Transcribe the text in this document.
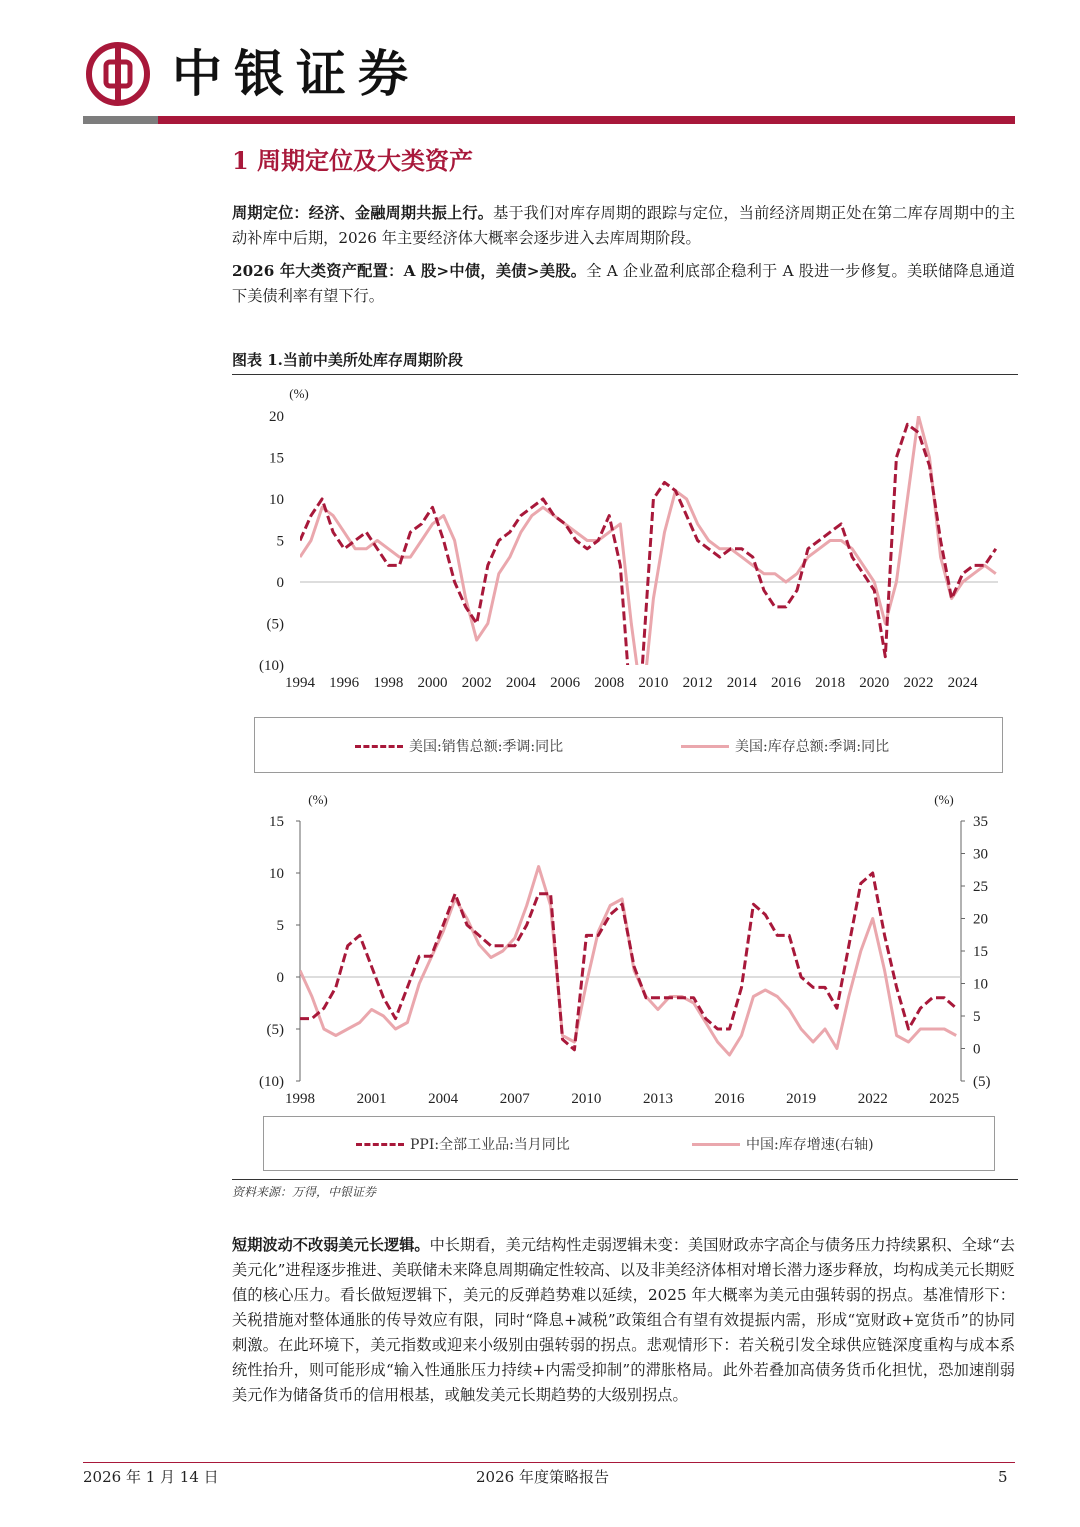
中银证券
1 周期定位及大类资产
周期定位：经济、金融周期共振上行。基于我们对库存周期的跟踪与定位，当前经济周期正处在第二库存周期中的主动补库中后期，2026 年主要经济体大概率会逐步进入去库周期阶段。
2026 年大类资产配置：A 股>中债，美债>美股。全 A 企业盈利底部企稳利于 A 股进一步修复。美联储降息通道下美债利率有望下行。
图表 1.当前中美所处库存周期阶段
(%)
20
15
10
5
0
(5)
(10)
1994 1996 1998 2000 2002 2004 2006 2008 2010 2012 2014 2016 2018 2020 2022 2024
(%)	(%)
15
10
5
0
(5)
(10)
35
30
25
20
15
10
5
0
(5)
1998	2001	2004	2007	2010	2013	2016	2019	2022	2025
美国:销售总额:季调:同比	美国:库存总额:季调:同比
PPI:全部工业品:当月同比	中国:库存增速(右轴)
资料来源：万得，中银证券
短期波动不改弱美元长逻辑。中长期看，美元结构性走弱逻辑未变：美国财政赤字高企与债务压力持续累积、全球“去美元化”进程逐步推进、美联储未来降息周期确定性较高、以及非美经济体相对增长潜力逐步释放，均构成美元长期贬值的核心压力。看长做短逻辑下，美元的反弹趋势难以延续，2025 年大概率为美元由强转弱的拐点。基准情形下：关税措施对整体通胀的传导效应有限，同时“降息+减税”政策组合有望有效提振内需，形成“宽财政+宽货币”的协同刺激。在此环境下，美元指数或迎来小级别由强转弱的拐点。悲观情形下：若关税引发全球供应链深度重构与成本系统性抬升，则可能形成“输入性通胀压力持续+内需受抑制”的滞胀格局。此外若叠加高债务货币化担忧，恐加速削弱美元作为储备货币的信用根基，或触发美元长期趋势的大级别拐点。
2026 年 1 月 14 日	2026 年度策略报告	5
